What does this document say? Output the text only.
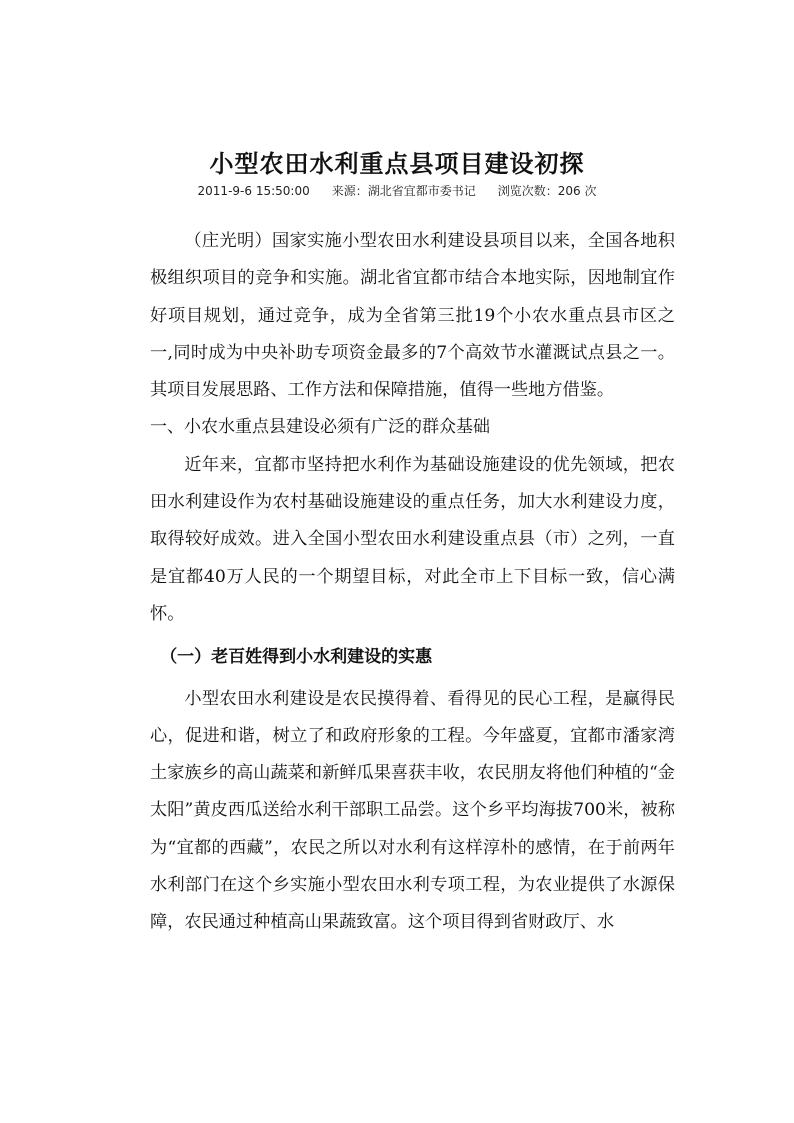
小型农田水利重点县项目建设初探
2011-9-6 15:50:00 来源：湖北省宜都市委书记 浏览次数：206 次

（庄光明）国家实施小型农田水利建设县项目以来，全国各地积极组织项目的竞争和实施。湖北省宜都市结合本地实际，因地制宜作好项目规划，通过竞争，成为全省第三批19个小农水重点县市区之一,同时成为中央补助专项资金最多的7个高效节水灌溉试点县之一。其项目发展思路、工作方法和保障措施，值得一些地方借鉴。

一、小农水重点县建设必须有广泛的群众基础

近年来，宜都市坚持把水利作为基础设施建设的优先领域，把农田水利建设作为农村基础设施建设的重点任务，加大水利建设力度，取得较好成效。进入全国小型农田水利建设重点县（市）之列，一直是宜都40万人民的一个期望目标，对此全市上下目标一致，信心满怀。

（一）老百姓得到小水利建设的实惠

小型农田水利建设是农民摸得着、看得见的民心工程，是赢得民心，促进和谐，树立了和政府形象的工程。今年盛夏，宜都市潘家湾土家族乡的高山蔬菜和新鲜瓜果喜获丰收，农民朋友将他们种植的“金太阳”黄皮西瓜送给水利干部职工品尝。这个乡平均海拔700米，被称为“宜都的西藏”，农民之所以对水利有这样淳朴的感情，在于前两年水利部门在这个乡实施小型农田水利专项工程，为农业提供了水源保障，农民通过种植高山果蔬致富。这个项目得到省财政厅、水
